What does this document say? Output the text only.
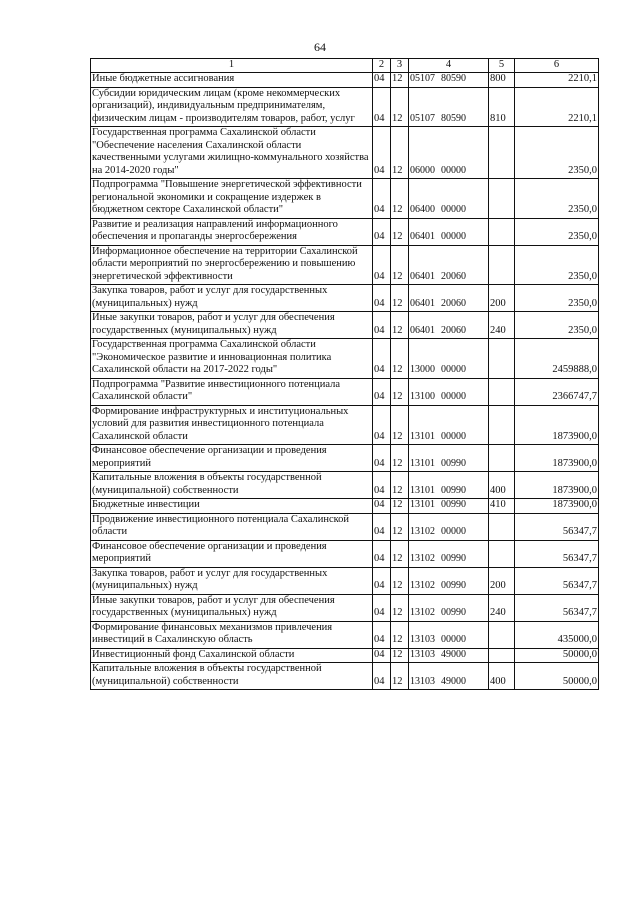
64
1	2	3	4	5	6
Иные бюджетные ассигнования	04	12	05107 80590	800	2210,1
Субсидии юридическим лицам (кроме некоммерческих организаций), индивидуальным предпринимателям, физическим лицам - производителям товаров, работ, услуг	04	12	05107 80590	810	2210,1
Государственная программа Сахалинской области "Обеспечение населения Сахалинской области качественными услугами жилищно-коммунального хозяйства на 2014-2020 годы"	04	12	06000 00000		2350,0
Подпрограмма "Повышение энергетической эффективности региональной экономики и сокращение издержек в бюджетном секторе Сахалинской области"	04	12	06400 00000		2350,0
Развитие и реализация направлений информационного обеспечения и пропаганды энергосбережения	04	12	06401 00000		2350,0
Информационное обеспечение на территории Сахалинской области мероприятий по энергосбережению и повышению энергетической эффективности	04	12	06401 20060		2350,0
Закупка товаров, работ и услуг для государственных (муниципальных) нужд	04	12	06401 20060	200	2350,0
Иные закупки товаров, работ и услуг для обеспечения государственных (муниципальных) нужд	04	12	06401 20060	240	2350,0
Государственная программа Сахалинской области "Экономическое развитие и инновационная политика Сахалинской области на 2017-2022 годы"	04	12	13000 00000		2459888,0
Подпрограмма "Развитие инвестиционного потенциала Сахалинской области"	04	12	13100 00000		2366747,7
Формирование инфраструктурных и институциональных условий для развития инвестиционного потенциала Сахалинской области	04	12	13101 00000		1873900,0
Финансовое обеспечение организации и проведения мероприятий	04	12	13101 00990		1873900,0
Капитальные вложения в объекты государственной (муниципальной) собственности	04	12	13101 00990	400	1873900,0
Бюджетные инвестиции	04	12	13101 00990	410	1873900,0
Продвижение инвестиционного потенциала Сахалинской области	04	12	13102 00000		56347,7
Финансовое обеспечение организации и проведения мероприятий	04	12	13102 00990		56347,7
Закупка товаров, работ и услуг для государственных (муниципальных) нужд	04	12	13102 00990	200	56347,7
Иные закупки товаров, работ и услуг для обеспечения государственных (муниципальных) нужд	04	12	13102 00990	240	56347,7
Формирование финансовых механизмов привлечения инвестиций в Сахалинскую область	04	12	13103 00000		435000,0
Инвестиционный фонд Сахалинской области	04	12	13103 49000		50000,0
Капитальные вложения в объекты государственной (муниципальной) собственности	04	12	13103 49000	400	50000,0
